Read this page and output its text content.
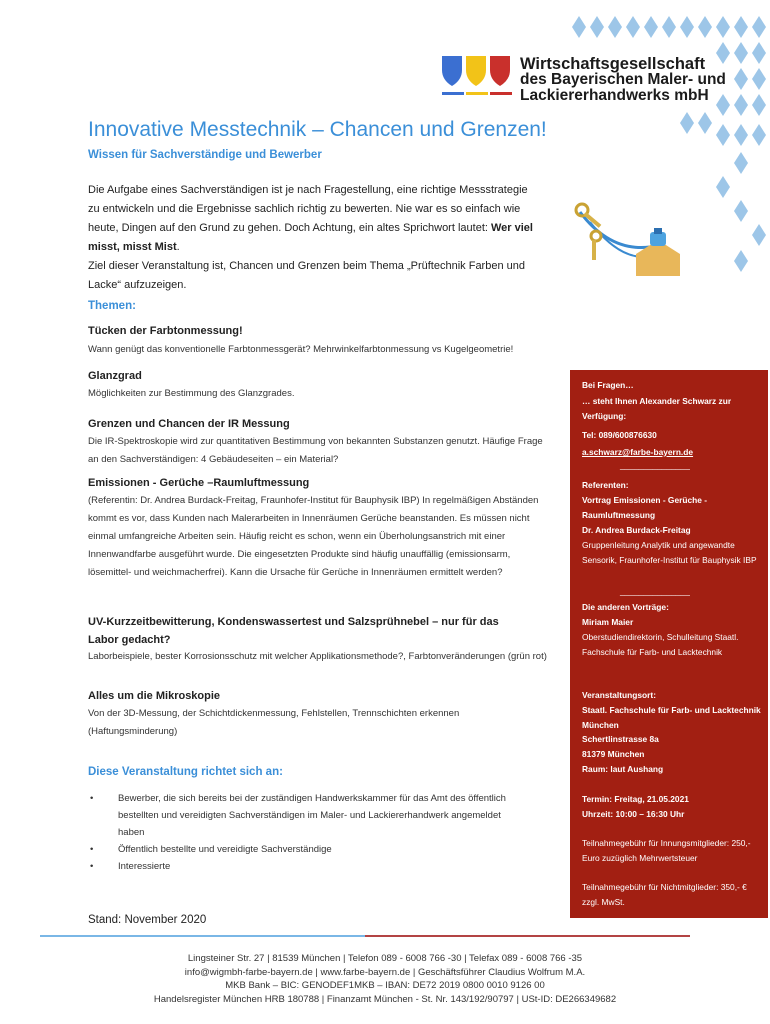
Wirtschaftsgesellschaft
des Bayerischen Maler- und
Lackiererhandwerks mbH
Innovative Messtechnik – Chancen und Grenzen!
Wissen für Sachverständige und Bewerber
Die Aufgabe eines Sachverständigen ist je nach Fragestellung, eine richtige Messstrategie zu entwickeln und die Ergebnisse sachlich richtig zu bewerten. Nie war es so einfach wie heute, Dingen auf den Grund zu gehen. Doch Achtung, ein altes Sprichwort lautet: Wer viel misst, misst Mist.
Ziel dieser Veranstaltung ist, Chancen und Grenzen beim Thema „Prüftechnik Farben und Lacke“ aufzuzeigen.
Themen:
Tücken der Farbtonmessung!
Wann genügt das konventionelle Farbtonmessgerät? Mehrwinkelfarbtonmessung vs Kugelgeometrie!
Glanzgrad
Möglichkeiten zur Bestimmung des Glanzgrades.
Grenzen und Chancen der IR Messung
Die IR-Spektroskopie wird zur quantitativen Bestimmung von bekannten Substanzen genutzt. Häufige Frage an den Sachverständigen: 4 Gebäudeseiten – ein Material?
Emissionen - Gerüche –Raumluftmessung
(Referentin: Dr. Andrea Burdack-Freitag, Fraunhofer-Institut für Bauphysik IBP) In regelmäßigen Abständen kommt es vor, dass Kunden nach Malerarbeiten in Innenräumen Gerüche beanstanden. Es müssen nicht einmal umfangreiche Arbeiten sein. Häufig reicht es schon, wenn ein Überholungsanstrich mit einer Innenwandfarbe ausgeführt wurde. Die eingesetzten Produkte sind häufig unauffällig (emissionsarm, lösemittel- und weichmacherfrei). Kann die Ursache für Gerüche in Innenräumen ermittelt werden?
UV-Kurzzeitbewitterung, Kondenswassertest und Salzsprühnebel – nur für das Labor gedacht?
Laborbeispiele, bester Korrosionsschutz mit welcher Applikationsmethode?, Farbtonveränderungen (grün rot)
Alles um die Mikroskopie
Von der 3D-Messung, der Schichtdickenmessung, Fehlstellen, Trennschichten erkennen (Haftungsminderung)
Diese Veranstaltung richtet sich an:
• Bewerber, die sich bereits bei der zuständigen Handwerkskammer für das Amt des öffentlich bestellten und vereidigten Sachverständigen im Maler- und Lackiererhandwerk angemeldet haben
• Öffentlich bestellte und vereidigte Sachverständige
• Interessierte
Stand: November 2020
Bei Fragen…
… steht Ihnen Alexander Schwarz zur Verfügung:
Tel: 089/600876630
a.schwarz@farbe-bayern.de
_______________
Referenten:
Vortrag Emissionen - Gerüche - Raumluftmessung
Dr. Andrea Burdack-Freitag
Gruppenleitung Analytik und angewandte Sensorik, Fraunhofer-Institut für Bauphysik IBP
_______________
Die anderen Vorträge:
Miriam Maier
Oberstudiendirektorin, Schulleitung Staatl. Fachschule für Farb- und Lacktechnik
Veranstaltungsort:
Staatl. Fachschule für Farb- und Lacktechnik München
Schertlinstrasse 8a
81379 München
Raum: laut Aushang
Termin: Freitag, 21.05.2021
Uhrzeit: 10:00 – 16:30 Uhr
Teilnahmegebühr für Innungsmitglieder: 250,- Euro zuzüglich Mehrwertsteuer
Teilnahmegebühr für Nichtmitglieder: 350,- € zzgl. MwSt.
Lingsteiner Str. 27 | 81539 München | Telefon 089 - 6008 766 -30 | Telefax 089 - 6008 766 -35
info@wigmbh-farbe-bayern.de | www.farbe-bayern.de | Geschäftsführer Claudius Wolfrum M.A.
MKB Bank – BIC: GENODEF1MKB – IBAN: DE72 2019 0800 0010 9126 00
Handelsregister München HRB 180788 | Finanzamt München - St. Nr. 143/192/90797 | USt-ID: DE266349682
